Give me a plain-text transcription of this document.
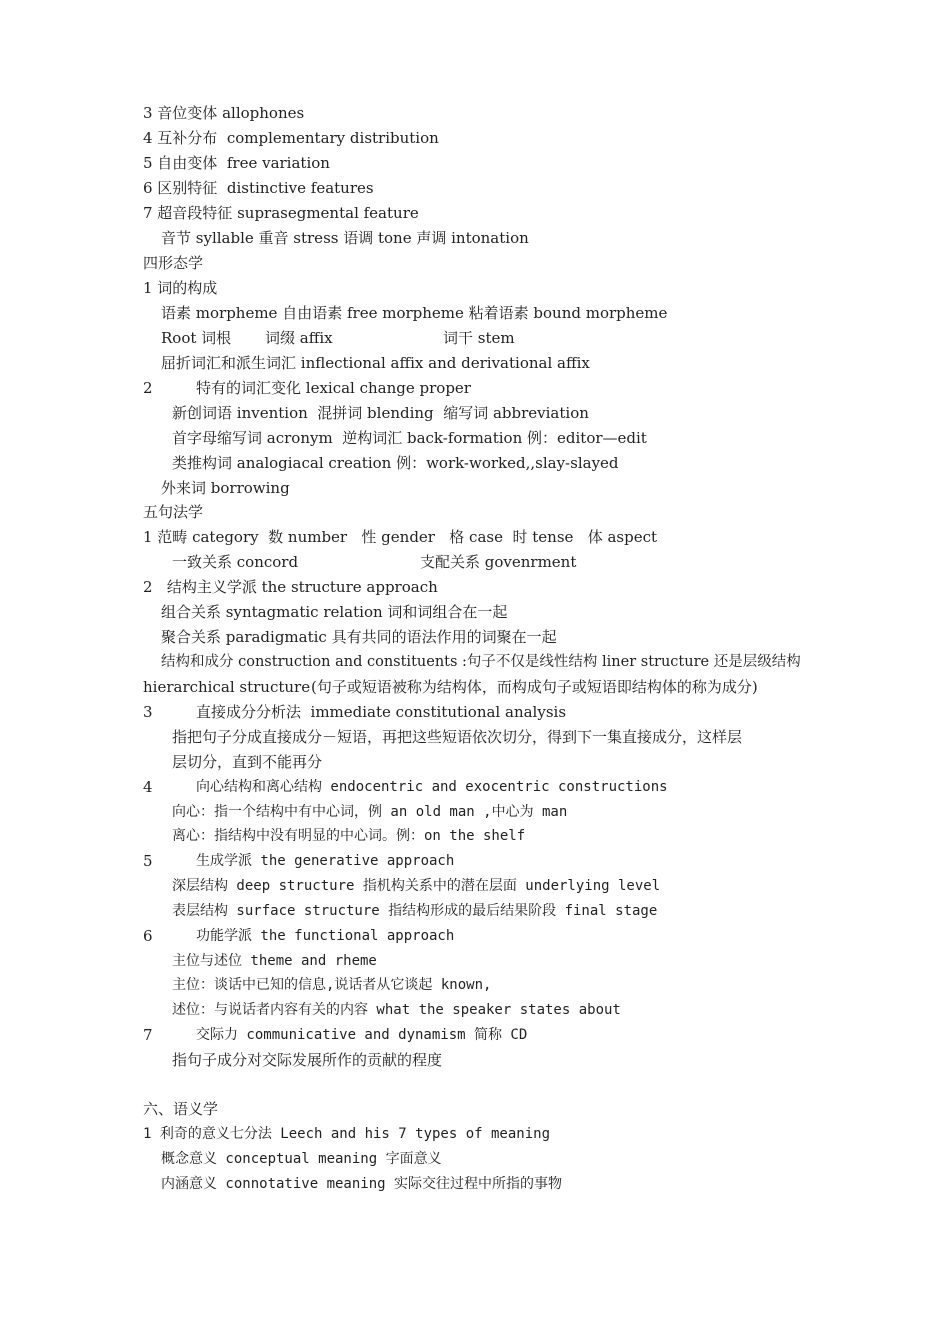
3 音位变体 allophones
4 互补分布  complementary distribution
5 自由变体  free variation
6 区别特征  distinctive features
7 超音段特征 suprasegmental feature
音节 syllable 重音 stress 语调 tone 声调 intonation
四形态学
1 词的构成
语素 morpheme 自由语素 free morpheme 粘着语素 bound morpheme
Root 词根 词缀 affix	词干 stem
屈折词汇和派生词汇 inflectional affix and derivational affix
2	特有的词汇变化 lexical change proper
新创词语 invention  混拼词 blending  缩写词 abbreviation
首字母缩写词 acronym  逆构词汇 back-formation 例：editor—edit
类推构词 analogiacal creation 例：work-worked,,slay-slayed
外来词 borrowing
五句法学
1 范畴 category  数 number   性 gender   格 case  时 tense   体 aspect
一致关系 concord	支配关系 govenrment
2   结构主义学派 the structure approach
组合关系 syntagmatic relation 词和词组合在一起
聚合关系 paradigmatic 具有共同的语法作用的词聚在一起
结构和成分 construction and constituents :句子不仅是线性结构 liner structure 还是层级结构
hierarchical structure (句子或短语被称为结构体，而构成句子或短语即结构体的称为成分)
3	直接成分分析法  immediate constitutional analysis
指把句子分成直接成分－短语，再把这些短语依次切分，得到下一集直接成分，这样层
层切分，直到不能再分
4	向心结构和离心结构 endocentric and exocentric constructions
向心：指一个结构中有中心词，例 an old man ,中心为 man
离心：指结构中没有明显的中心词。例：on the shelf
5	生成学派 the generative approach
深层结构 deep structure 指机构关系中的潜在层面 underlying level
表层结构 surface structure 指结构形成的最后结果阶段 final stage
6	功能学派 the functional approach
主位与述位 theme and rheme
主位：谈话中已知的信息,说话者从它谈起 known,
述位：与说话者内容有关的内容 what the speaker states about
7	交际力 communicative and dynamism 简称 CD
指句子成分对交际发展所作的贡献的程度
六、语义学
1 利奇的意义七分法 Leech and his 7 types of meaning
概念意义 conceptual meaning 字面意义
内涵意义 connotative meaning 实际交往过程中所指的事物
